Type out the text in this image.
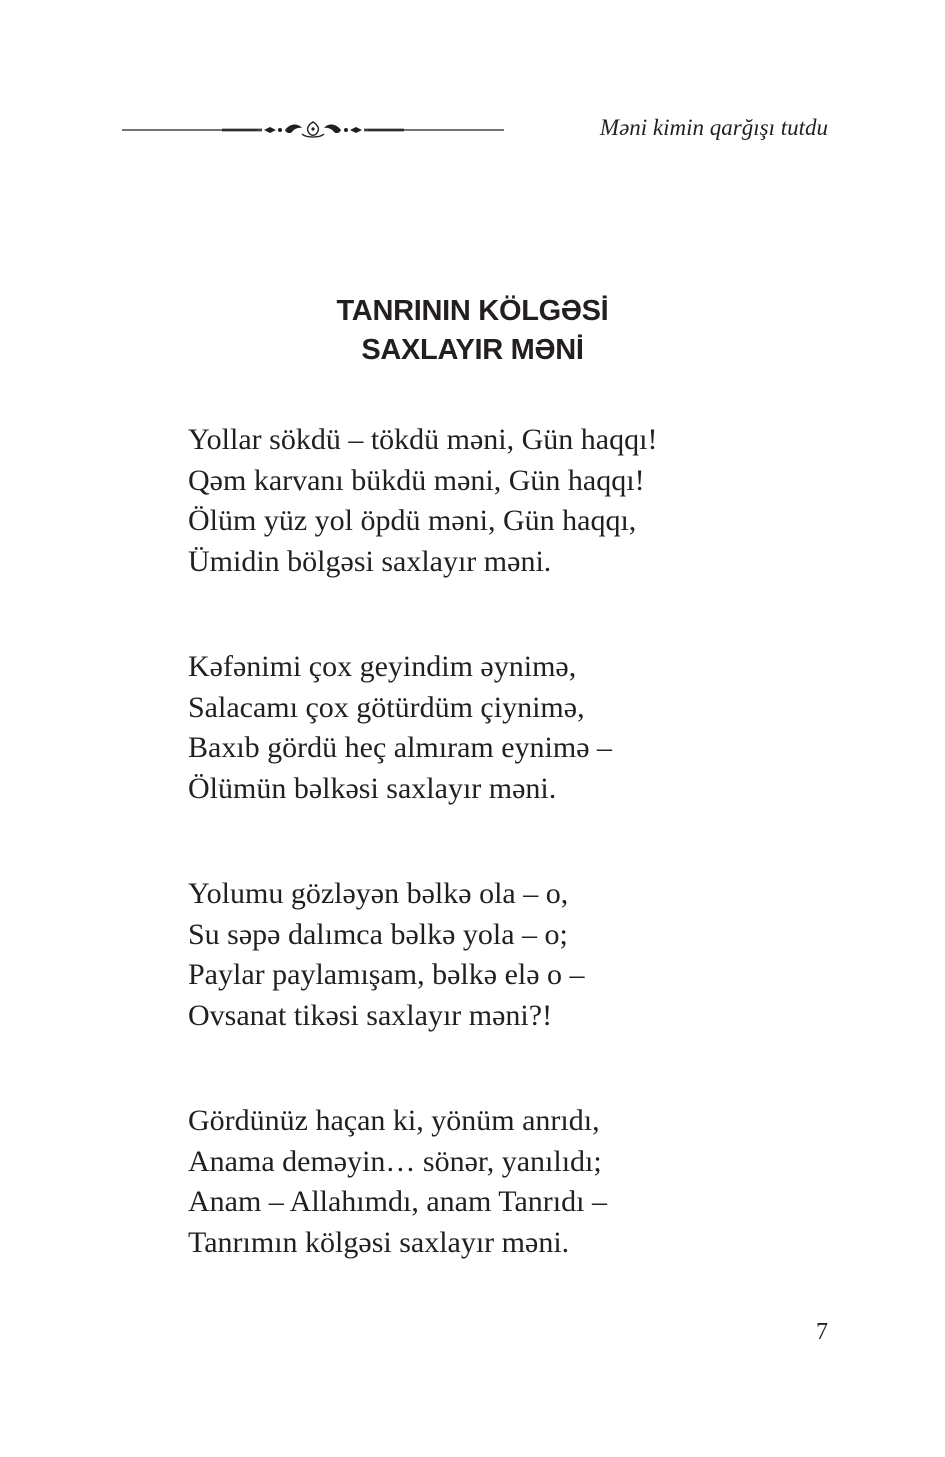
Məni kimin qarğışı tutdu
TANRININ KÖLGƏSİ
SAXLAYIR MƏNİ
Yollar sökdü – tökdü məni, Gün haqqı!
Qəm karvanı bükdü məni, Gün haqqı!
Ölüm yüz yol öpdü məni, Gün haqqı,
Ümidin bölgəsi saxlayır məni.
Kəfənimi çox geyindim əynimə,
Salacamı çox götürdüm çiynimə,
Baxıb gördü heç almıram eynimə –
Ölümün bəlkəsi saxlayır məni.
Yolumu gözləyən bəlkə ola – o,
Su səpə dalımca bəlkə yola – o;
Paylar paylamışam, bəlkə elə o –
Ovsanat tikəsi saxlayır məni?!
Gördünüz haçan ki, yönüm anrıdı,
Anama deməyin… sönər, yanılıdı;
Anam – Allahımdı, anam Tanrıdı –
Tanrımın kölgəsi saxlayır məni.
7
